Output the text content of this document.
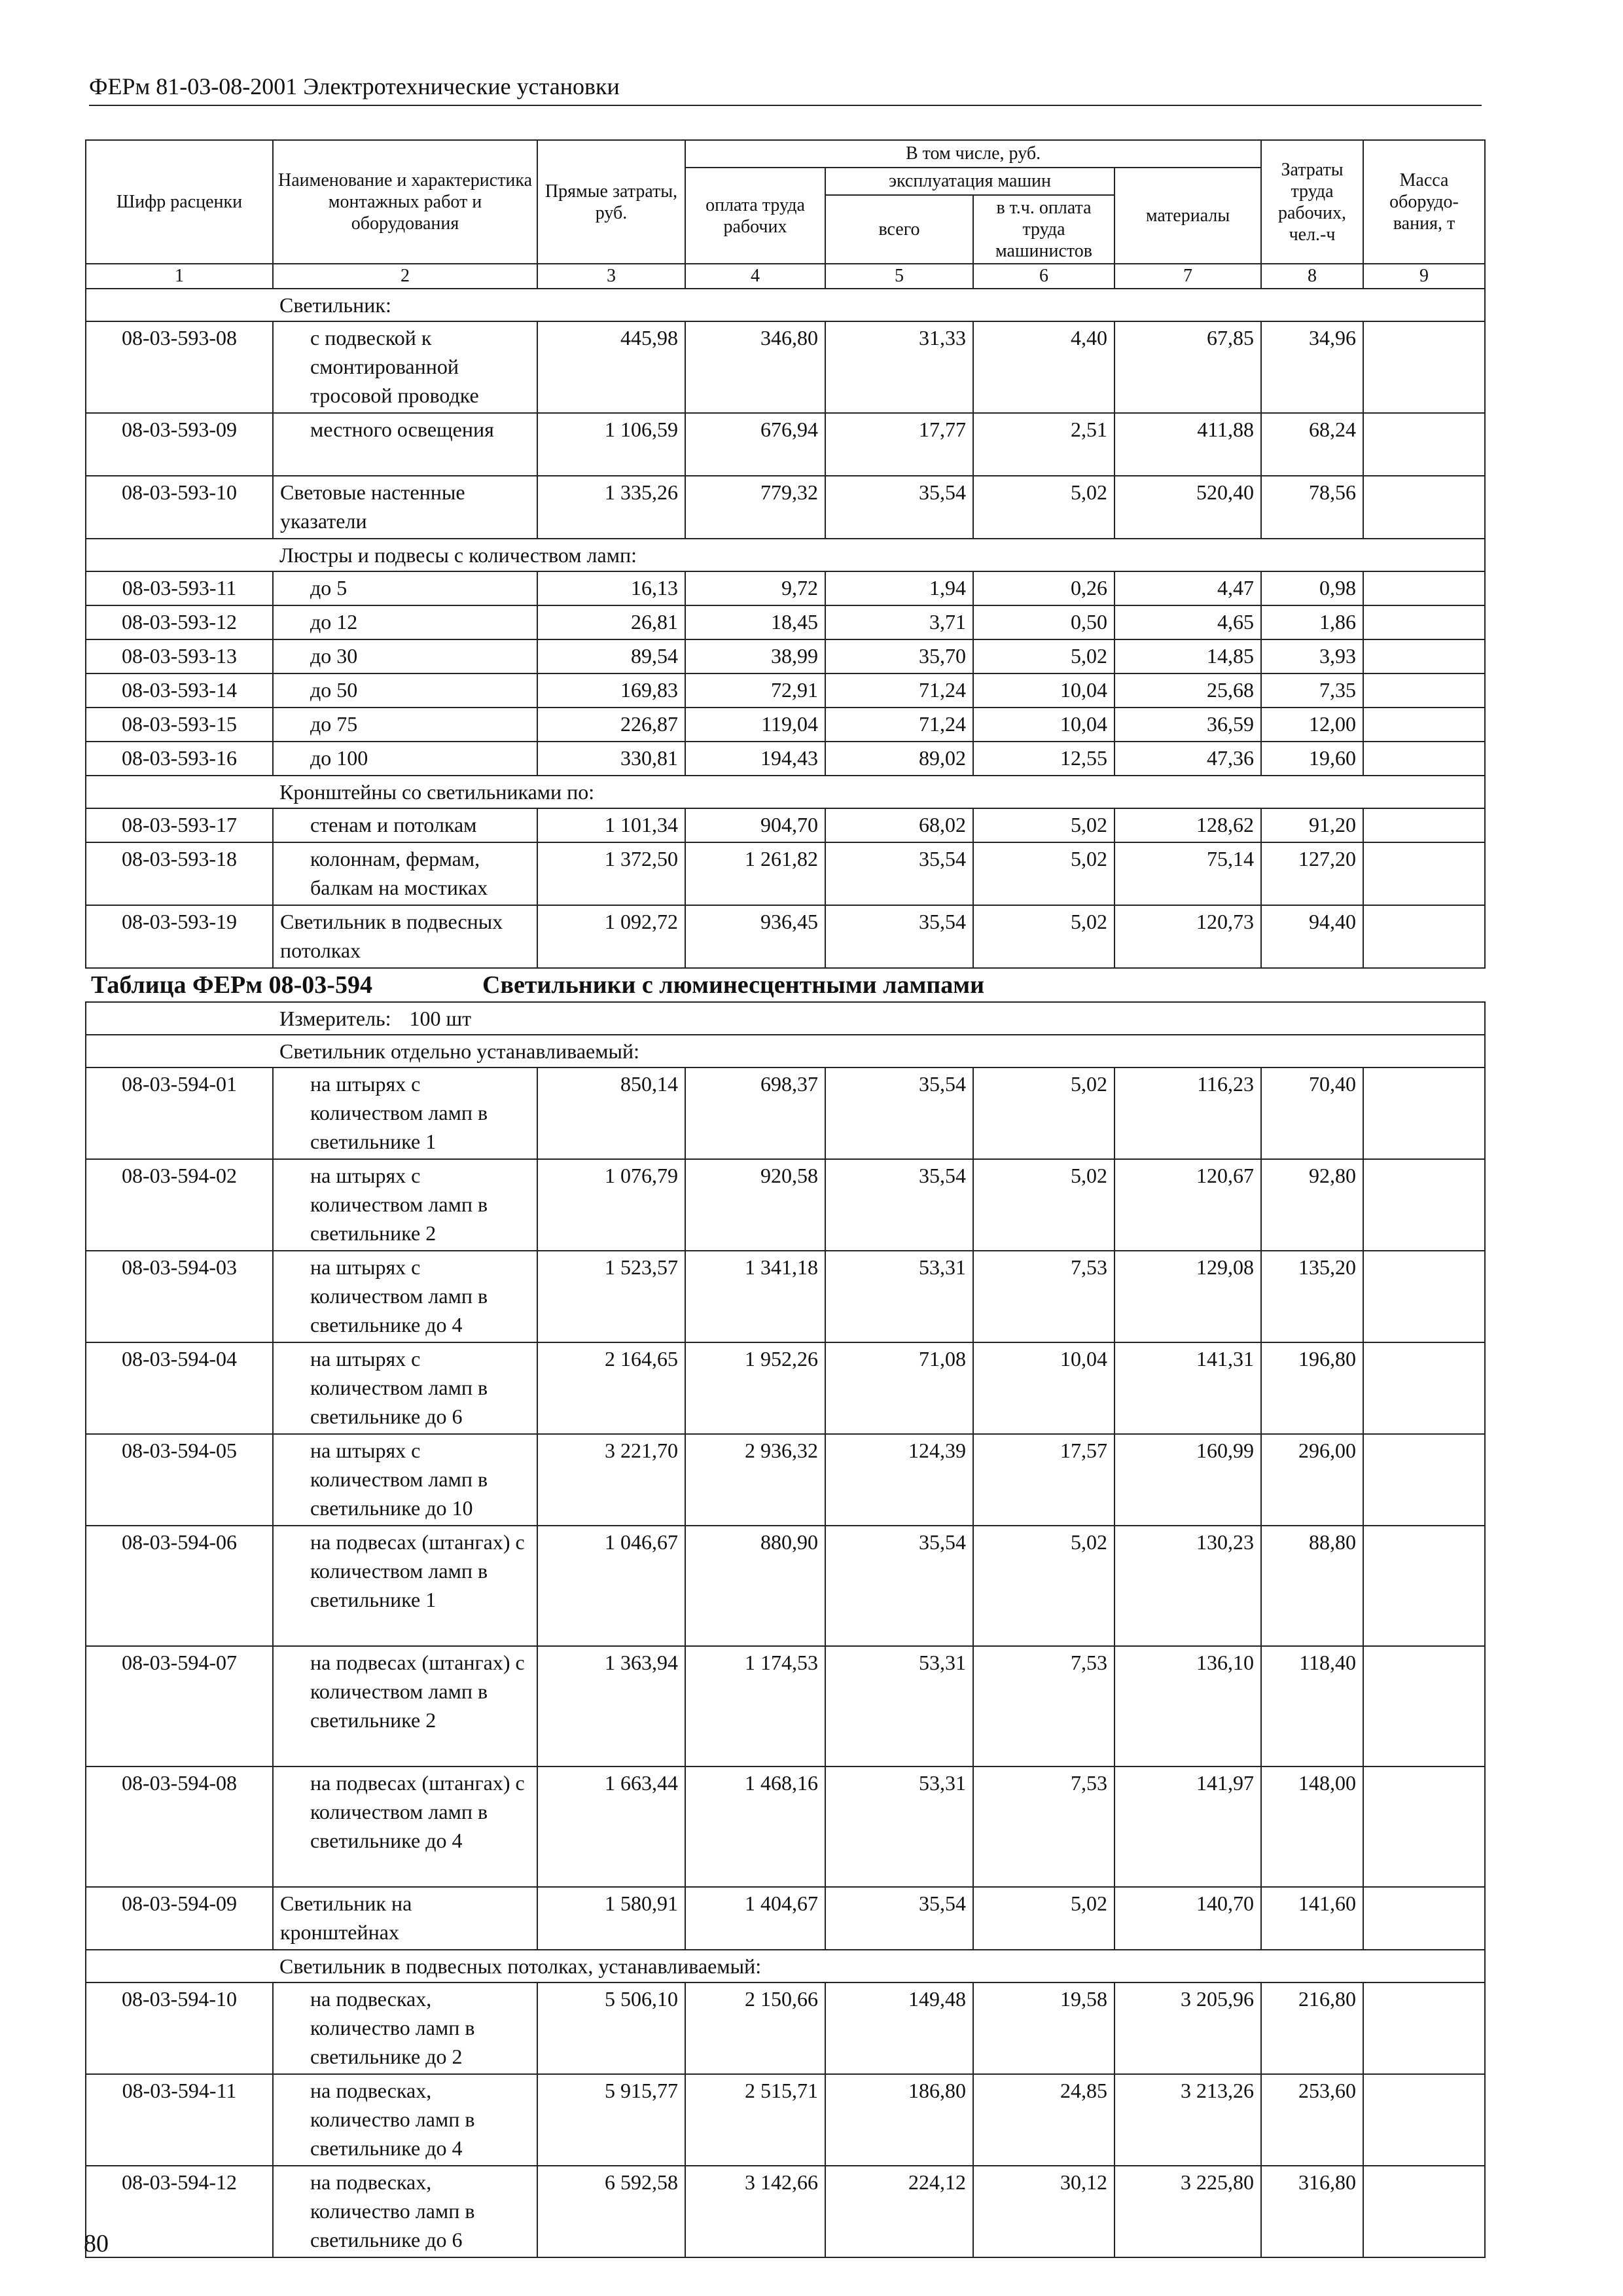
ФЕРм 81-03-08-2001 Электротехнические установки
Шифр расценки	Наименование и характеристика монтажных работ и оборудования	Прямые затраты, руб.	В том числе, руб.				Затраты труда рабочих, чел.-ч	Масса оборудо-вания, т
			оплата труда рабочих	эксплуатация машин		материалы		
				всего	в т.ч. оплата труда машинистов			
1	2	3	4	5	6	7	8	9
	Светильник:							
08-03-593-08	с подвеской к смонтированной тросовой проводке	445,98	346,80	31,33	4,40	67,85	34,96	
08-03-593-09	местного освещения	1 106,59	676,94	17,77	2,51	411,88	68,24	
08-03-593-10	Световые настенные указатели	1 335,26	779,32	35,54	5,02	520,40	78,56	
	Люстры и подвесы с количеством ламп:							
08-03-593-11	до 5	16,13	9,72	1,94	0,26	4,47	0,98	
08-03-593-12	до 12	26,81	18,45	3,71	0,50	4,65	1,86	
08-03-593-13	до 30	89,54	38,99	35,70	5,02	14,85	3,93	
08-03-593-14	до 50	169,83	72,91	71,24	10,04	25,68	7,35	
08-03-593-15	до 75	226,87	119,04	71,24	10,04	36,59	12,00	
08-03-593-16	до 100	330,81	194,43	89,02	12,55	47,36	19,60	
	Кронштейны со светильниками по:							
08-03-593-17	стенам и потолкам	1 101,34	904,70	68,02	5,02	128,62	91,20	
08-03-593-18	колоннам, фермам, балкам на мостиках	1 372,50	1 261,82	35,54	5,02	75,14	127,20	
08-03-593-19	Светильник в подвесных потолках	1 092,72	936,45	35,54	5,02	120,73	94,40	
Таблица ФЕРм 08-03-594 Светильники с люминесцентными лампами								
	Измеритель: 100 шт							
	Светильник отдельно устанавливаемый:							
08-03-594-01	на штырях с количеством ламп в светильнике 1	850,14	698,37	35,54	5,02	116,23	70,40	
08-03-594-02	на штырях с количеством ламп в светильнике 2	1 076,79	920,58	35,54	5,02	120,67	92,80	
08-03-594-03	на штырях с количеством ламп в светильнике до 4	1 523,57	1 341,18	53,31	7,53	129,08	135,20	
08-03-594-04	на штырях с количеством ламп в светильнике до 6	2 164,65	1 952,26	71,08	10,04	141,31	196,80	
08-03-594-05	на штырях с количеством ламп в светильнике до 10	3 221,70	2 936,32	124,39	17,57	160,99	296,00	
08-03-594-06	на подвесах (штангах) с количеством ламп в светильнике 1	1 046,67	880,90	35,54	5,02	130,23	88,80	
08-03-594-07	на подвесах (штангах) с количеством ламп в светильнике 2	1 363,94	1 174,53	53,31	7,53	136,10	118,40	
08-03-594-08	на подвесах (штангах) с количеством ламп в светильнике до 4	1 663,44	1 468,16	53,31	7,53	141,97	148,00	
08-03-594-09	Светильник на кронштейнах	1 580,91	1 404,67	35,54	5,02	140,70	141,60	
	Светильник в подвесных потолках, устанавливаемый:							
08-03-594-10	на подвесках, количество ламп в светильнике до 2	5 506,10	2 150,66	149,48	19,58	3 205,96	216,80	
08-03-594-11	на подвесках, количество ламп в светильнике до 4	5 915,77	2 515,71	186,80	24,85	3 213,26	253,60	
08-03-594-12	на подвесках, количество ламп в светильнике до 6	6 592,58	3 142,66	224,12	30,12	3 225,80	316,80	
80
